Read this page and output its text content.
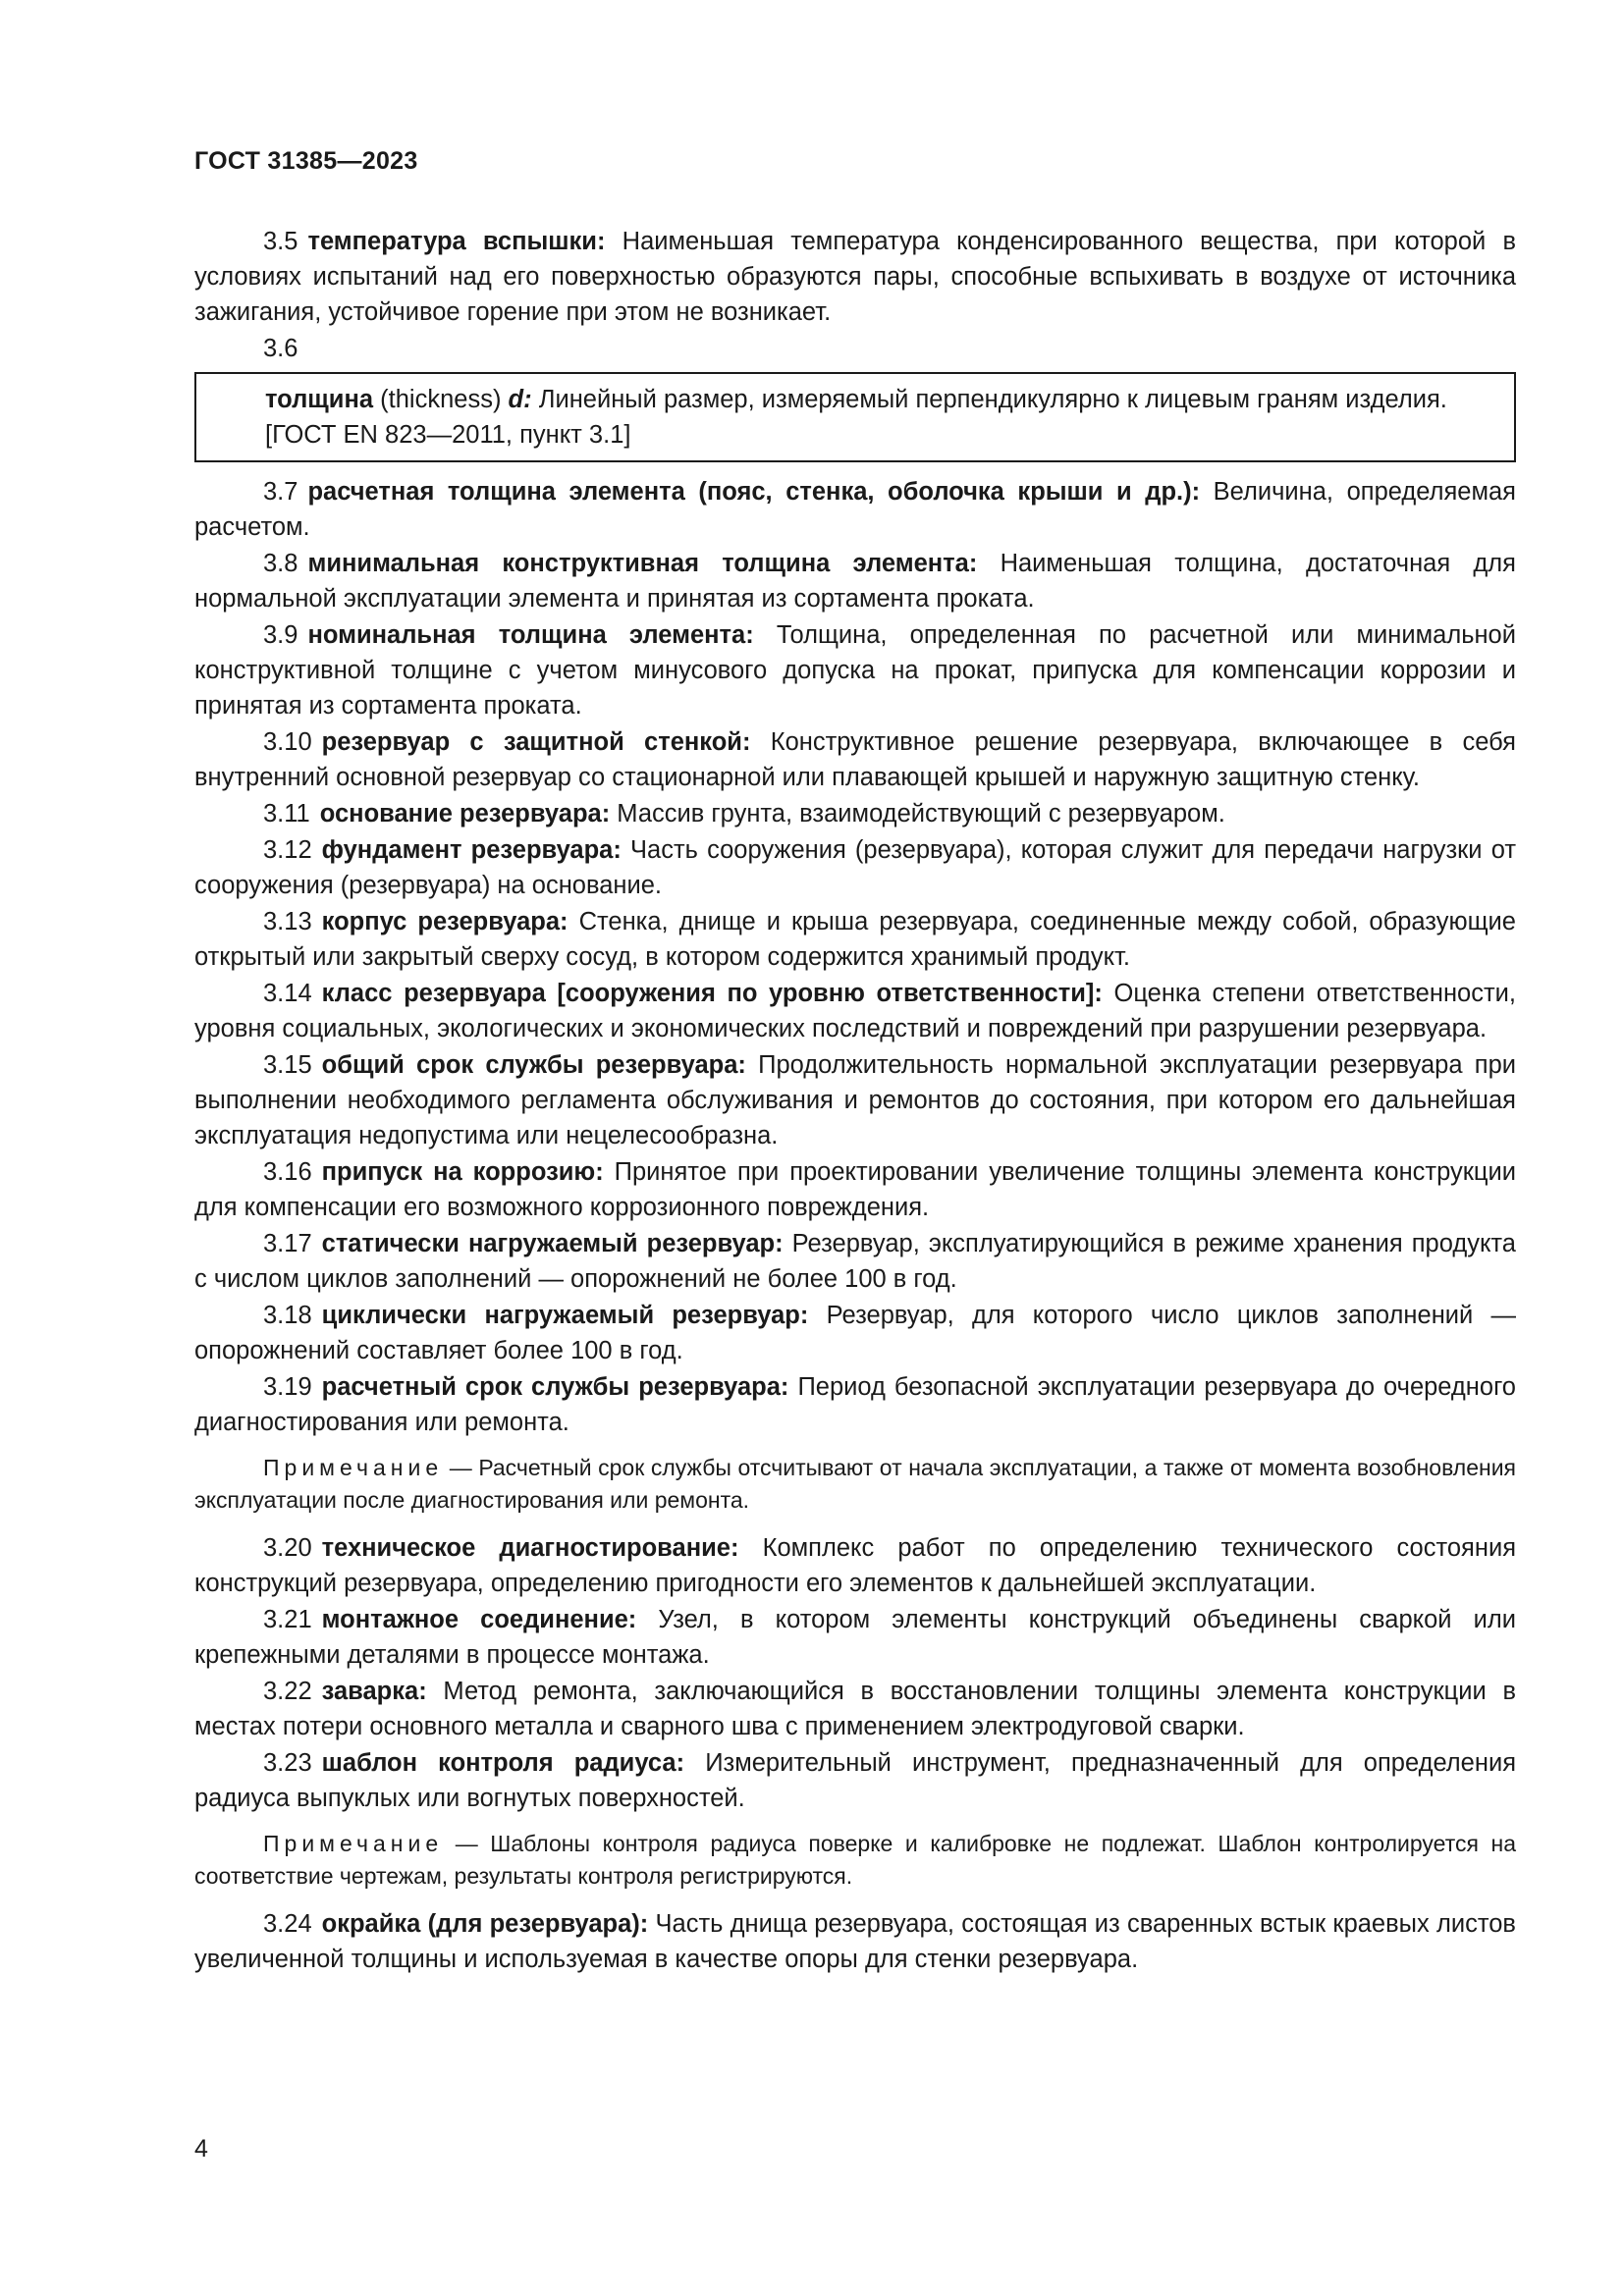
ГОСТ 31385—2023

3.5 температура вспышки: Наименьшая температура конденсированного вещества, при которой в условиях испытаний над его поверхностью образуются пары, способные вспыхивать в воздухе от источника зажигания, устойчивое горение при этом не возникает.

3.6

толщина (thickness) d: Линейный размер, измеряемый перпендикулярно к лицевым граням изделия.
[ГОСТ EN 823—2011, пункт 3.1]

3.7 расчетная толщина элемента (пояс, стенка, оболочка крыши и др.): Величина, определяемая расчетом.

3.8 минимальная конструктивная толщина элемента: Наименьшая толщина, достаточная для нормальной эксплуатации элемента и принятая из сортамента проката.

3.9 номинальная толщина элемента: Толщина, определенная по расчетной или минимальной конструктивной толщине с учетом минусового допуска на прокат, припуска для компенсации коррозии и принятая из сортамента проката.

3.10 резервуар с защитной стенкой: Конструктивное решение резервуара, включающее в себя внутренний основной резервуар со стационарной или плавающей крышей и наружную защитную стенку.

3.11 основание резервуара: Массив грунта, взаимодействующий с резервуаром.

3.12 фундамент резервуара: Часть сооружения (резервуара), которая служит для передачи нагрузки от сооружения (резервуара) на основание.

3.13 корпус резервуара: Стенка, днище и крыша резервуара, соединенные между собой, образующие открытый или закрытый сверху сосуд, в котором содержится хранимый продукт.

3.14 класс резервуара [сооружения по уровню ответственности]: Оценка степени ответственности, уровня социальных, экологических и экономических последствий и повреждений при разрушении резервуара.

3.15 общий срок службы резервуара: Продолжительность нормальной эксплуатации резервуара при выполнении необходимого регламента обслуживания и ремонтов до состояния, при котором его дальнейшая эксплуатация недопустима или нецелесообразна.

3.16 припуск на коррозию: Принятое при проектировании увеличение толщины элемента конструкции для компенсации его возможного коррозионного повреждения.

3.17 статически нагружаемый резервуар: Резервуар, эксплуатирующийся в режиме хранения продукта с числом циклов заполнений — опорожнений не более 100 в год.

3.18 циклически нагружаемый резервуар: Резервуар, для которого число циклов заполнений — опорожнений составляет более 100 в год.

3.19 расчетный срок службы резервуара: Период безопасной эксплуатации резервуара до очередного диагностирования или ремонта.

Примечание — Расчетный срок службы отсчитывают от начала эксплуатации, а также от момента возобновления эксплуатации после диагностирования или ремонта.

3.20 техническое диагностирование: Комплекс работ по определению технического состояния конструкций резервуара, определению пригодности его элементов к дальнейшей эксплуатации.

3.21 монтажное соединение: Узел, в котором элементы конструкций объединены сваркой или крепежными деталями в процессе монтажа.

3.22 заварка: Метод ремонта, заключающийся в восстановлении толщины элемента конструкции в местах потери основного металла и сварного шва с применением электродуговой сварки.

3.23 шаблон контроля радиуса: Измерительный инструмент, предназначенный для определения радиуса выпуклых или вогнутых поверхностей.

Примечание — Шаблоны контроля радиуса поверке и калибровке не подлежат. Шаблон контролируется на соответствие чертежам, результаты контроля регистрируются.

3.24 окрайка (для резервуара): Часть днища резервуара, состоящая из сваренных встык краевых листов увеличенной толщины и используемая в качестве опоры для стенки резервуара.

4
